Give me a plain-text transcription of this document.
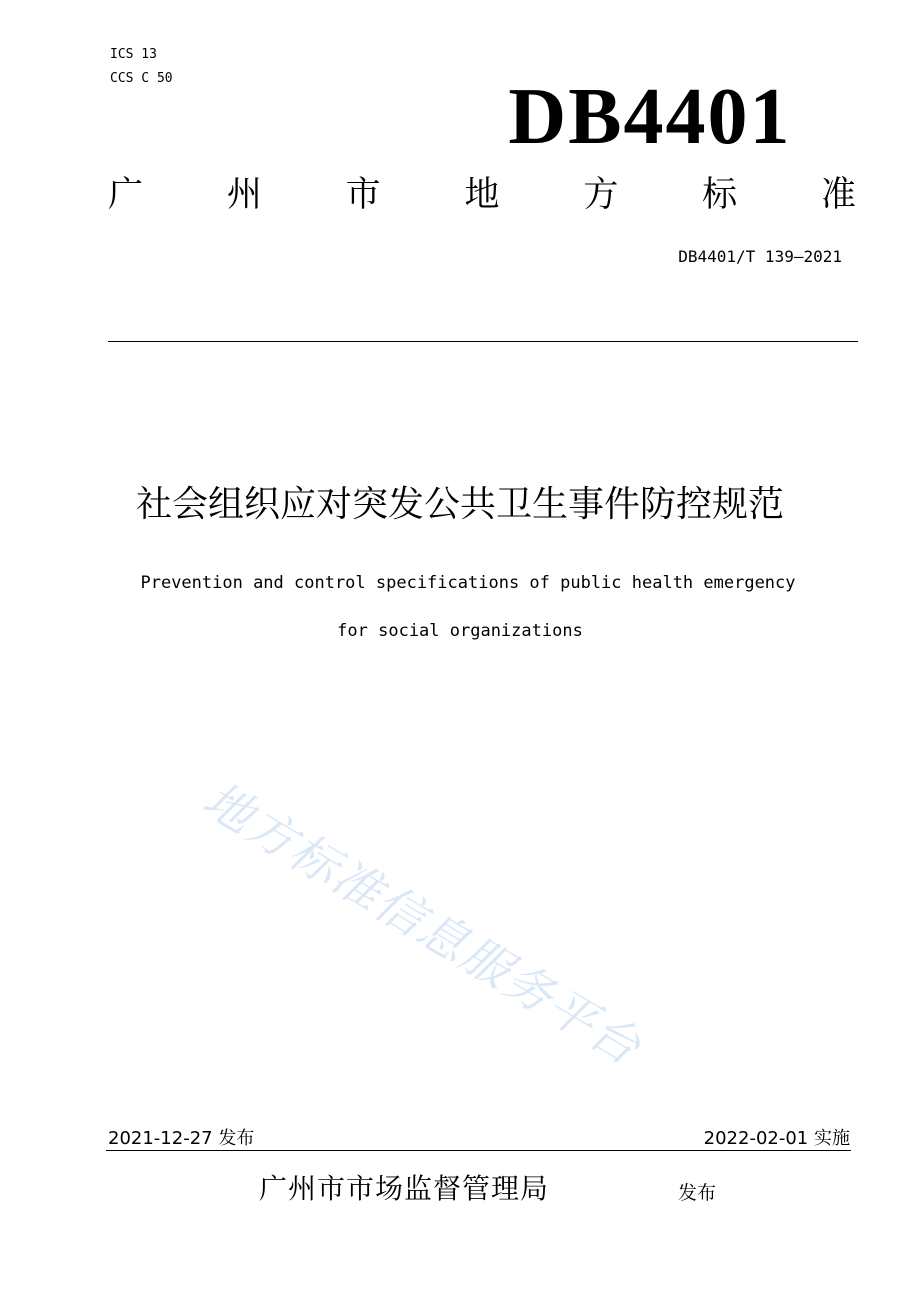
ICS 13
CCS C 50	DB4401
广 州 市 地 方 标 准
DB4401/T 139—2021
社会组织应对突发公共卫生事件防控规范
Prevention and control specifications of public health emergency
for social organizations
地方标准信息服务平台
2021-12-27 发布	2022-02-01 实施
广州市市场监督管理局	发布
